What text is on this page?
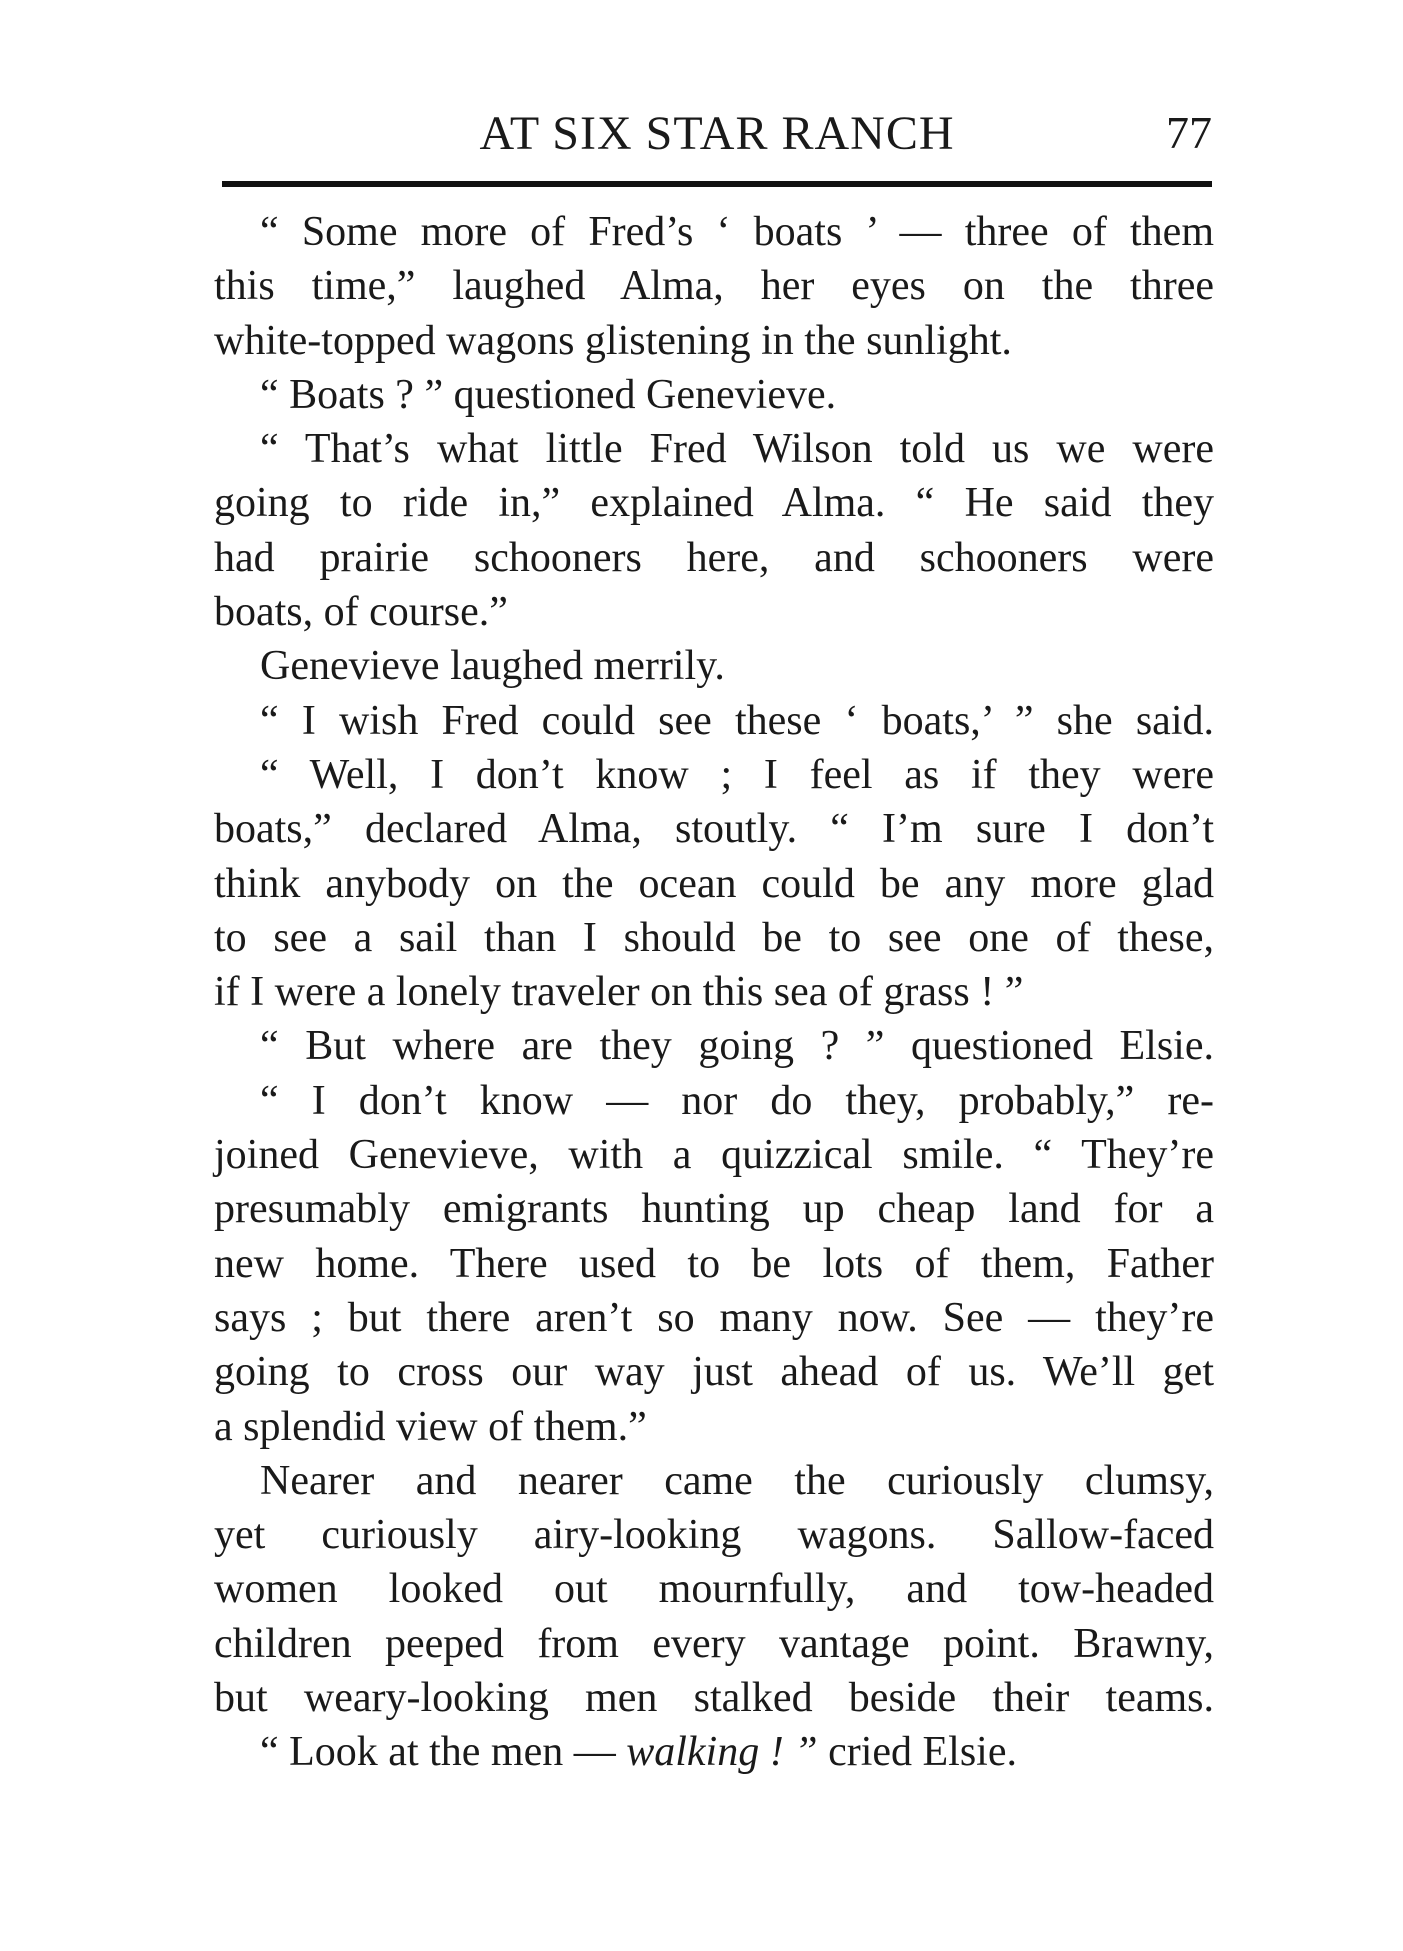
AT SIX STAR RANCH	77
“ Some more of Fred’s ‘ boats ’ — three of them
this time,” laughed Alma, her eyes on the three
white-topped wagons glistening in the sunlight.
“ Boats ? ” questioned Genevieve.
“ That’s what little Fred Wilson told us we were
going to ride in,” explained Alma. “ He said they
had prairie schooners here, and schooners were
boats, of course.”
Genevieve laughed merrily.
“ I wish Fred could see these ‘ boats,’ ” she said.
“ Well, I don’t know ; I feel as if they were
boats,” declared Alma, stoutly. “ I’m sure I don’t
think anybody on the ocean could be any more glad
to see a sail than I should be to see one of these,
if I were a lonely traveler on this sea of grass ! ”
“ But where are they going ? ” questioned Elsie.
“ I don’t know — nor do they, probably,” re-
joined Genevieve, with a quizzical smile. “ They’re
presumably emigrants hunting up cheap land for a
new home. There used to be lots of them, Father
says ; but there aren’t so many now. See — they’re
going to cross our way just ahead of us. We’ll get
a splendid view of them.”
Nearer and nearer came the curiously clumsy,
yet curiously airy-looking wagons. Sallow-faced
women looked out mournfully, and tow-headed
children peeped from every vantage point. Brawny,
but weary-looking men stalked beside their teams.
“ Look at the men — walking ! ” cried Elsie.
